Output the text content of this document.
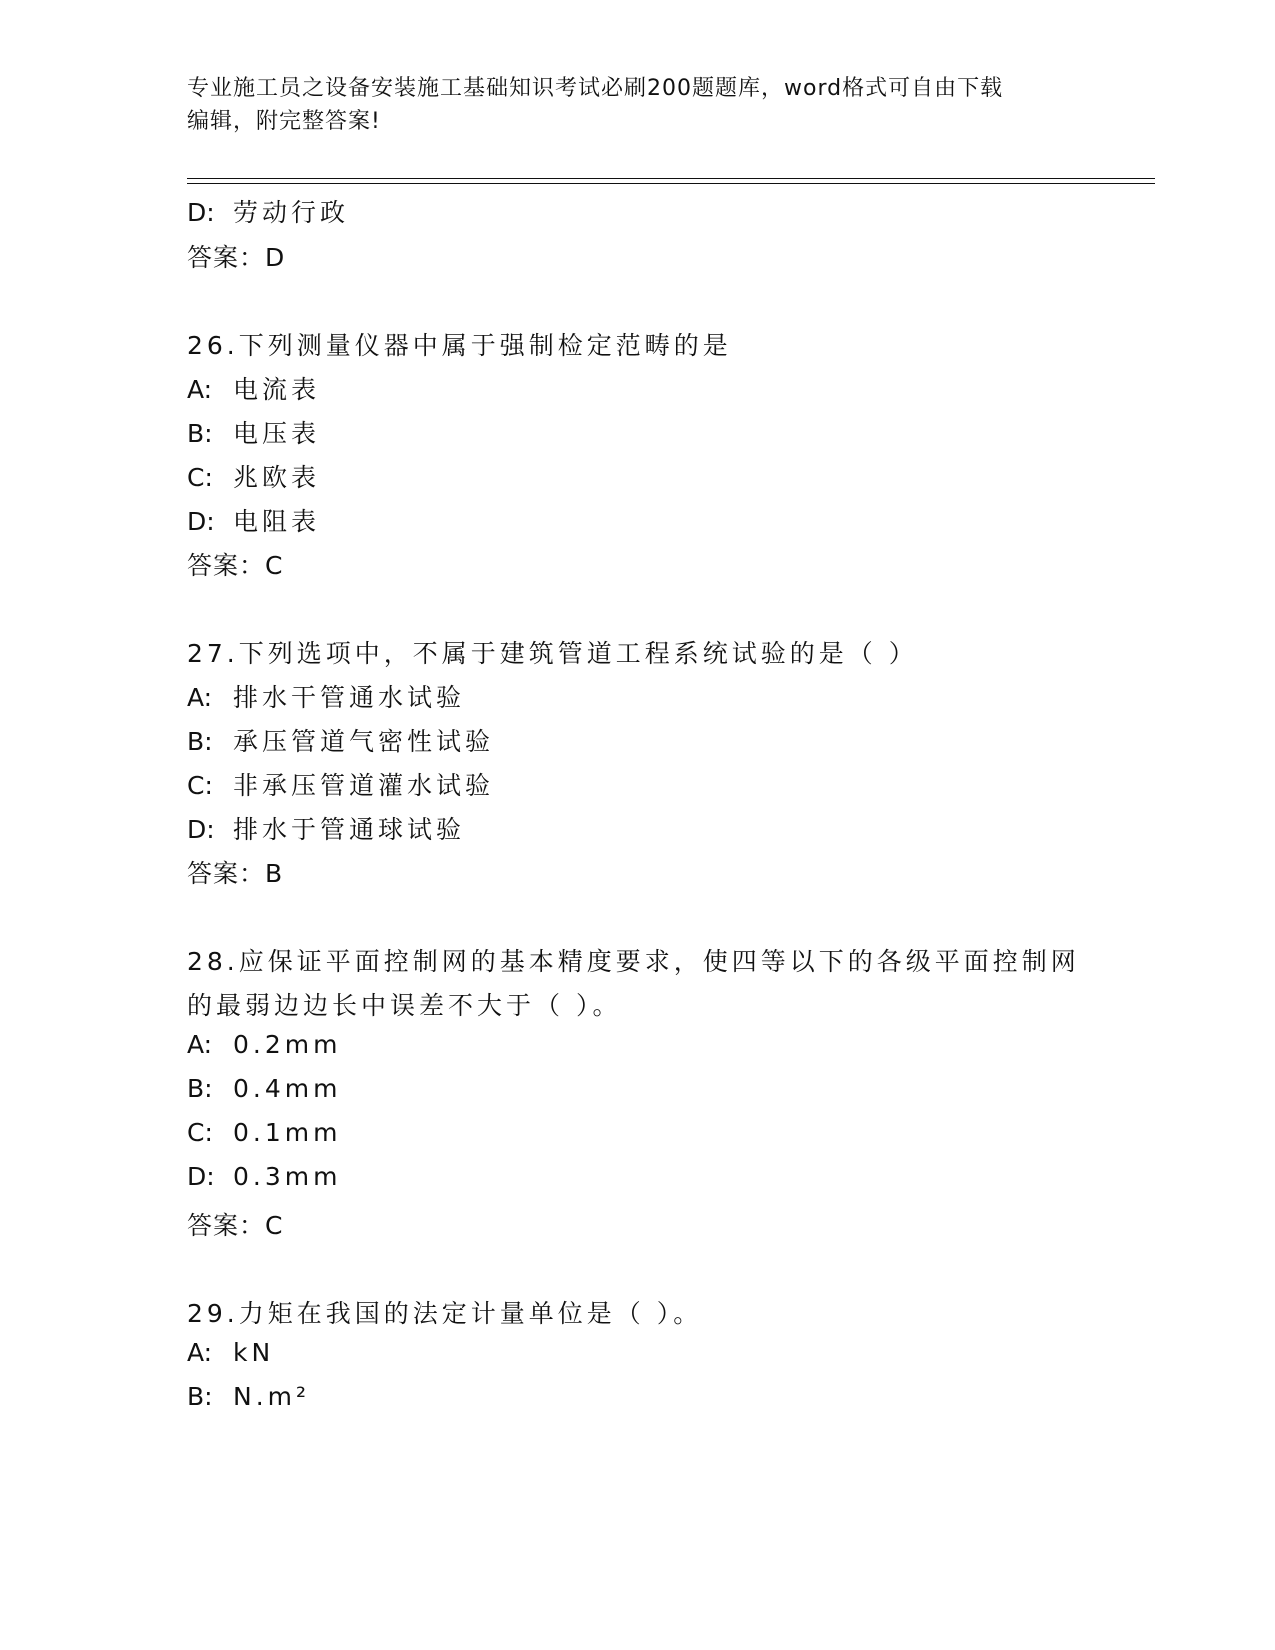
专业施工员之设备安装施工基础知识考试必刷200题题库，word格式可自由下载
编辑，附完整答案!
D: 劳动行政
答案：D
26.下列测量仪器中属于强制检定范畴的是
A: 电流表
B: 电压表
C: 兆欧表
D: 电阻表
答案：C
27.下列选项中，不属于建筑管道工程系统试验的是（ ）
A: 排水干管通水试验
B: 承压管道气密性试验
C: 非承压管道灌水试验
D: 排水于管通球试验
答案：B
28.应保证平面控制网的基本精度要求，使四等以下的各级平面控制网
的最弱边边长中误差不大于（ ）。
A: 0.2mm
B: 0.4mm
C: 0.1mm
D: 0.3mm
答案：C
29.力矩在我国的法定计量单位是（ ）。
A: kN
B: N.m²
